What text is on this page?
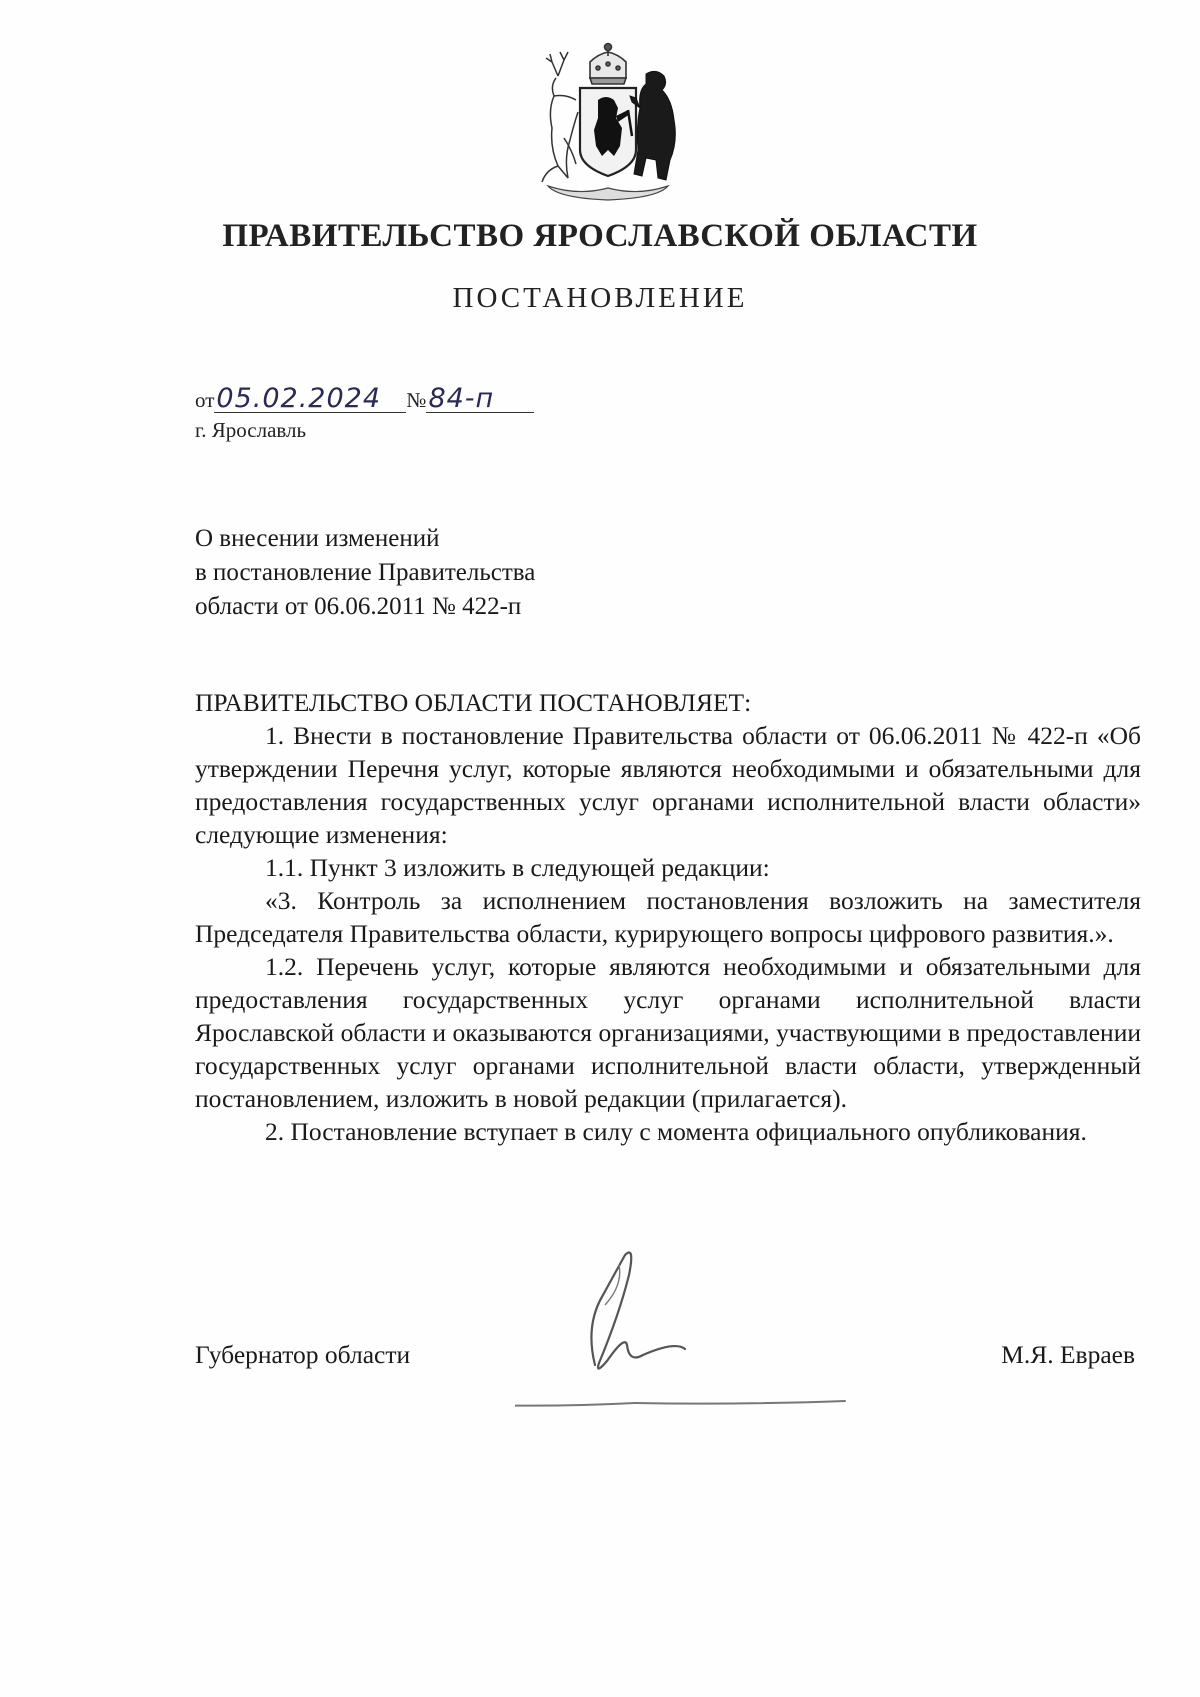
ПРАВИТЕЛЬСТВО ЯРОСЛАВСКОЙ ОБЛАСТИ
ПОСТАНОВЛЕНИЕ
от05.02.2024 №84-п
г. Ярославль
О внесении изменений
в постановление Правительства
области от 06.06.2011 № 422-п

ПРАВИТЕЛЬСТВО ОБЛАСТИ ПОСТАНОВЛЯЕТ:

1. Внести в постановление Правительства области от 06.06.2011 № 422-п «Об утверждении Перечня услуг, которые являются необходимыми и обязательными для предоставления государственных услуг органами исполнительной власти области» следующие изменения:

1.1. Пункт 3 изложить в следующей редакции:

«3. Контроль за исполнением постановления возложить на заместителя Председателя Правительства области, курирующего вопросы цифрового развития.».

1.2. Перечень услуг, которые являются необходимыми и обязательными для предоставления государственных услуг органами исполнительной власти Ярославской области и оказываются организациями, участвующими в предоставлении государственных услуг органами исполнительной власти области, утвержденный постановлением, изложить в новой редакции (прилагается).

2. Постановление вступает в силу с момента официального опубликования.

Губернатор области	М.Я. Евраев
